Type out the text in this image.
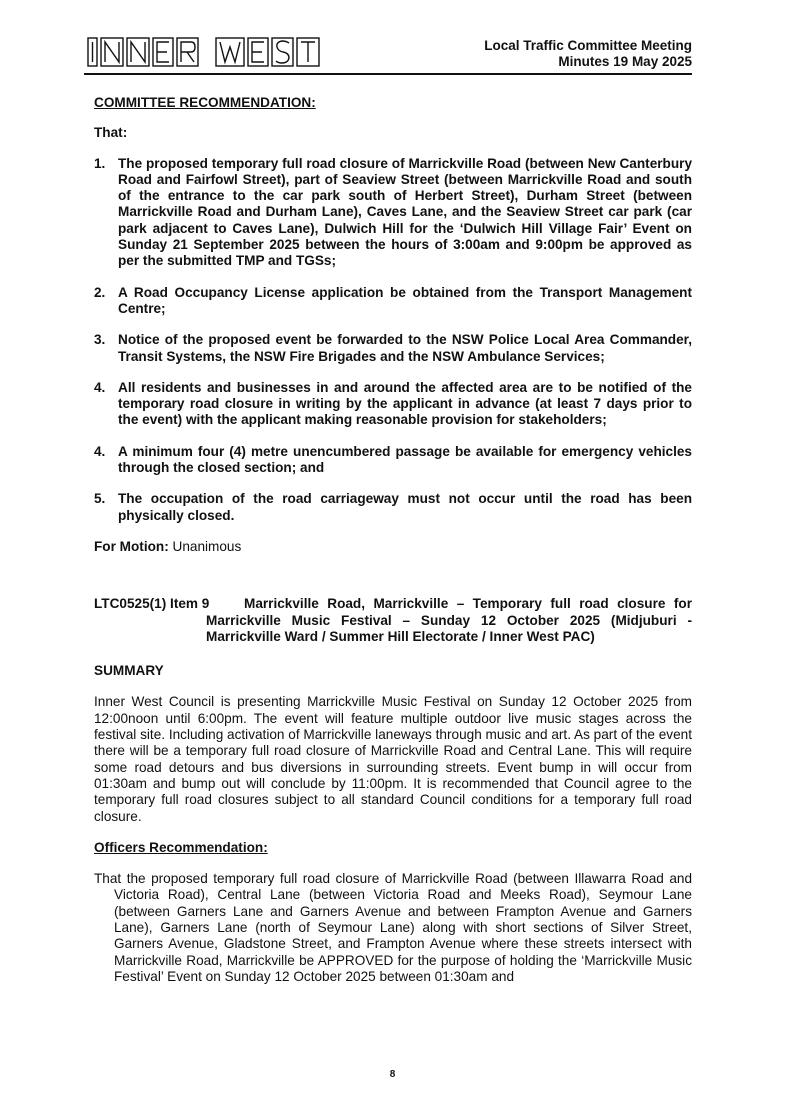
Local Traffic Committee Meeting
Minutes 19 May 2025

COMMITTEE RECOMMENDATION:

That:

1. The proposed temporary full road closure of Marrickville Road (between New Canterbury Road and Fairfowl Street), part of Seaview Street (between Marrickville Road and south of the entrance to the car park south of Herbert Street), Durham Street (between Marrickville Road and Durham Lane), Caves Lane, and the Seaview Street car park (car park adjacent to Caves Lane), Dulwich Hill for the ‘Dulwich Hill Village Fair’ Event on Sunday 21 September 2025 between the hours of 3:00am and 9:00pm be approved as per the submitted TMP and TGSs;
2. A Road Occupancy License application be obtained from the Transport Management Centre;
3. Notice of the proposed event be forwarded to the NSW Police Local Area Commander, Transit Systems, the NSW Fire Brigades and the NSW Ambulance Services;
4. All residents and businesses in and around the affected area are to be notified of the temporary road closure in writing by the applicant in advance (at least 7 days prior to the event) with the applicant making reasonable provision for stakeholders;
4. A minimum four (4) metre unencumbered passage be available for emergency vehicles through the closed section; and
5. The occupation of the road carriageway must not occur until the road has been physically closed.

For Motion: Unanimous

LTC0525(1) Item 9	Marrickville Road, Marrickville – Temporary full road closure for Marrickville Music Festival – Sunday 12 October 2025 (Midjuburi - Marrickville Ward / Summer Hill Electorate / Inner West PAC)

SUMMARY

Inner West Council is presenting Marrickville Music Festival on Sunday 12 October 2025 from 12:00noon until 6:00pm. The event will feature multiple outdoor live music stages across the festival site. Including activation of Marrickville laneways through music and art. As part of the event there will be a temporary full road closure of Marrickville Road and Central Lane. This will require some road detours and bus diversions in surrounding streets. Event bump in will occur from 01:30am and bump out will conclude by 11:00pm. It is recommended that Council agree to the temporary full road closures subject to all standard Council conditions for a temporary full road closure.

Officers Recommendation:

That the proposed temporary full road closure of Marrickville Road (between Illawarra Road and Victoria Road), Central Lane (between Victoria Road and Meeks Road), Seymour Lane (between Garners Lane and Garners Avenue and between Frampton Avenue and Garners Lane), Garners Lane (north of Seymour Lane) along with short sections of Silver Street, Garners Avenue, Gladstone Street, and Frampton Avenue where these streets intersect with Marrickville Road, Marrickville be APPROVED for the purpose of holding the ‘Marrickville Music Festival’ Event on Sunday 12 October 2025 between 01:30am and

8
